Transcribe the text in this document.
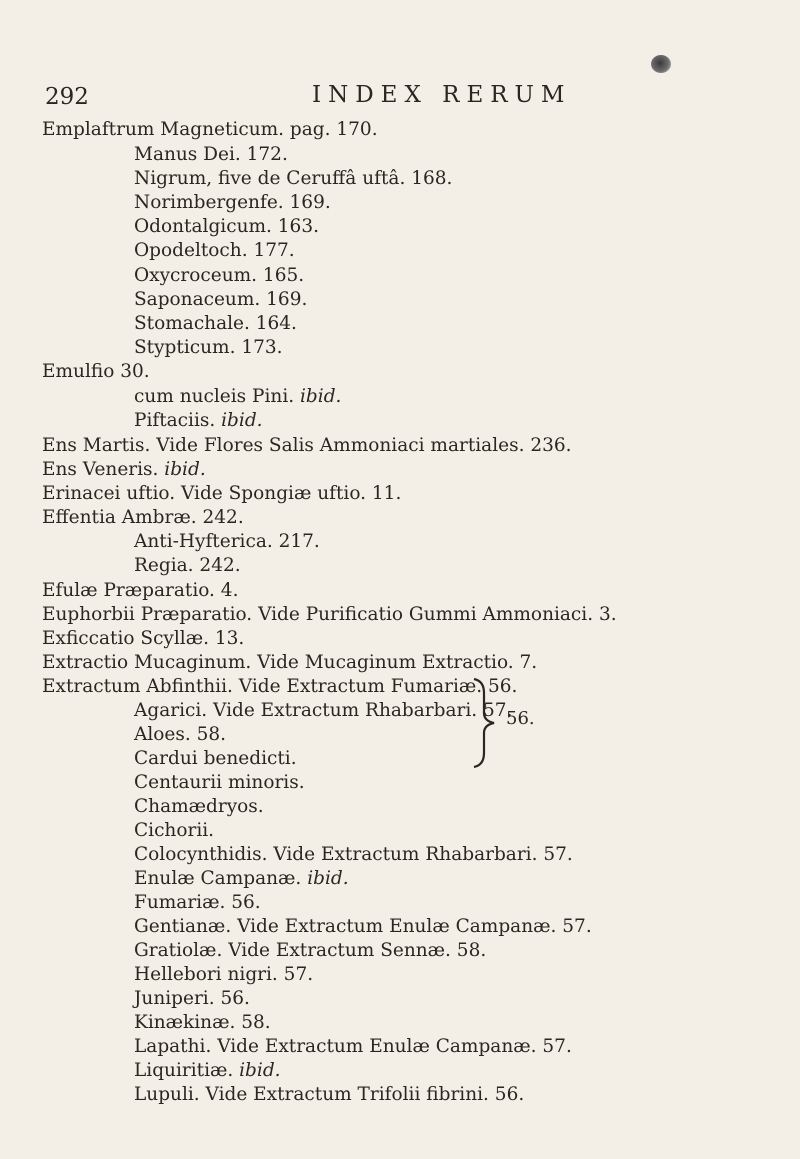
292	INDEX RERUM
Emplaftrum Magneticum. pag. 170.
Manus Dei. 172.
Nigrum, five de Ceruffâ uftâ. 168.
Norimbergenfe. 169.
Odontalgicum. 163.
Opodeltoch. 177.
Oxycroceum. 165.
Saponaceum. 169.
Stomachale. 164.
Stypticum. 173.
Emulfio 30.
cum nucleis Pini. ibid.
Piftaciis. ibid.
Ens Martis. Vide Flores Salis Ammoniaci martiales. 236.
Ens Veneris. ibid.
Erinacei uftio. Vide Spongiæ uftio. 11.
Effentia Ambræ. 242.
Anti-Hyfterica. 217.
Regia. 242.
Efulæ Præparatio. 4.
Euphorbii Præparatio. Vide Purificatio Gummi Ammoniaci. 3.
Exficcatio Scyllæ. 13.
Extractio Mucaginum. Vide Mucaginum Extractio. 7.
Extractum Abfinthii. Vide Extractum Fumariæ. 56.
Agarici. Vide Extractum Rhabarbari. 57.
Aloes. 58.
Cardui benedicti.
Centaurii minoris.
Chamædryos.
Cichorii.
Colocynthidis. Vide Extractum Rhabarbari. 57.
Enulæ Campanæ. ibid.
Fumariæ. 56.
Gentianæ. Vide Extractum Enulæ Campanæ. 57.
Gratiolæ. Vide Extractum Sennæ. 58.
Hellebori nigri. 57.
Juniperi. 56.
Kinækinæ. 58.
Lapathi. Vide Extractum Enulæ Campanæ. 57.
Liquiritiæ. ibid.
Lupuli. Vide Extractum Trifolii fibrini. 56.
56.
